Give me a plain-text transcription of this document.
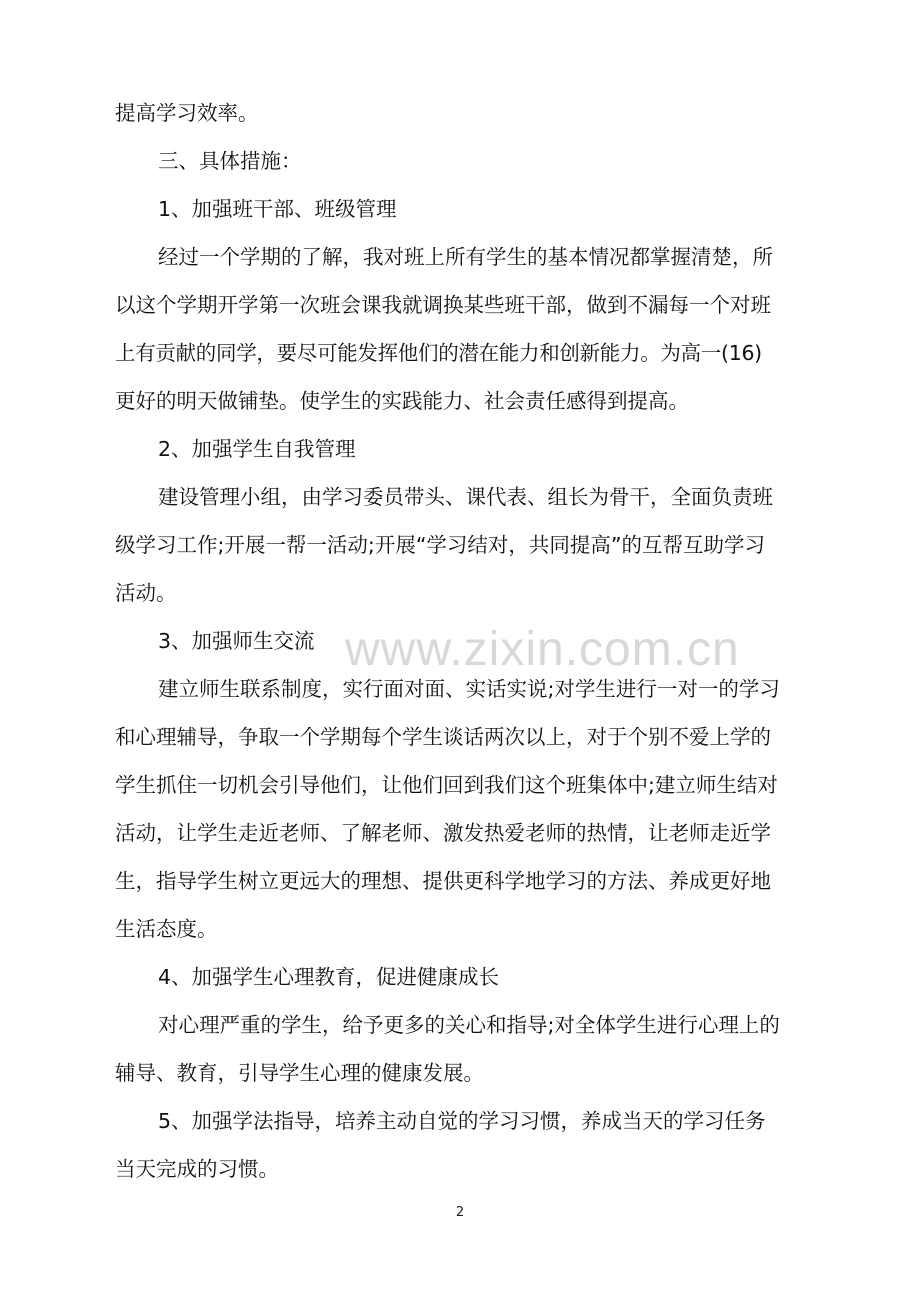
提高学习效率。
三、具体措施：
1、加强班干部、班级管理
经过一个学期的了解，我对班上所有学生的基本情况都掌握清楚，所
以这个学期开学第一次班会课我就调换某些班干部，做到不漏每一个对班
上有贡献的同学，要尽可能发挥他们的潜在能力和创新能力。为高一(16)
更好的明天做铺垫。使学生的实践能力、社会责任感得到提高。
2、加强学生自我管理
建设管理小组，由学习委员带头、课代表、组长为骨干，全面负责班
级学习工作;开展一帮一活动;开展“学习结对，共同提高”的互帮互助学习
活动。
3、加强师生交流
建立师生联系制度，实行面对面、实话实说;对学生进行一对一的学习
和心理辅导，争取一个学期每个学生谈话两次以上，对于个别不爱上学的
学生抓住一切机会引导他们，让他们回到我们这个班集体中;建立师生结对
活动，让学生走近老师、了解老师、激发热爱老师的热情，让老师走近学
生，指导学生树立更远大的理想、提供更科学地学习的方法、养成更好地
生活态度。
4、加强学生心理教育，促进健康成长
对心理严重的学生，给予更多的关心和指导;对全体学生进行心理上的
辅导、教育，引导学生心理的健康发展。
5、加强学法指导，培养主动自觉的学习习惯，养成当天的学习任务
当天完成的习惯。
www.zixin.com.cn
2
